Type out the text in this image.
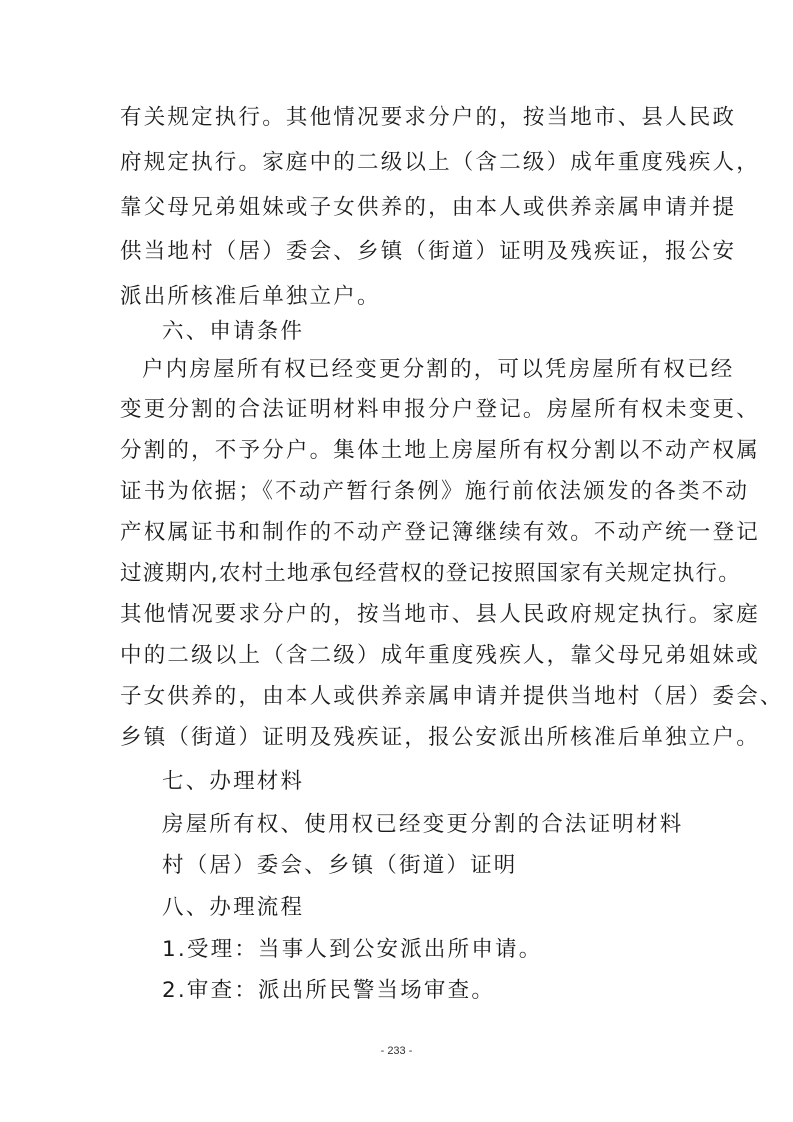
有关规定执行。其他情况要求分户的，按当地市、县人民政
府规定执行。家庭中的二级以上（含二级）成年重度残疾人，
靠父母兄弟姐妹或子女供养的，由本人或供养亲属申请并提
供当地村（居）委会、乡镇（街道）证明及残疾证，报公安
派出所核准后单独立户。
六、申请条件
户内房屋所有权已经变更分割的，可以凭房屋所有权已经
变更分割的合法证明材料申报分户登记。房屋所有权未变更、
分割的，不予分户。集体土地上房屋所有权分割以不动产权属
证书为依据；《不动产暂行条例》施行前依法颁发的各类不动
产权属证书和制作的不动产登记簿继续有效。不动产统一登记
过渡期内,农村土地承包经营权的登记按照国家有关规定执行。
其他情况要求分户的，按当地市、县人民政府规定执行。家庭
中的二级以上（含二级）成年重度残疾人，靠父母兄弟姐妹或
子女供养的，由本人或供养亲属申请并提供当地村（居）委会、
乡镇（街道）证明及残疾证，报公安派出所核准后单独立户。
七、办理材料
房屋所有权、使用权已经变更分割的合法证明材料
村（居）委会、乡镇（街道）证明
八、办理流程
1.受理：当事人到公安派出所申请。
2.审查：派出所民警当场审查。
- 233 -
